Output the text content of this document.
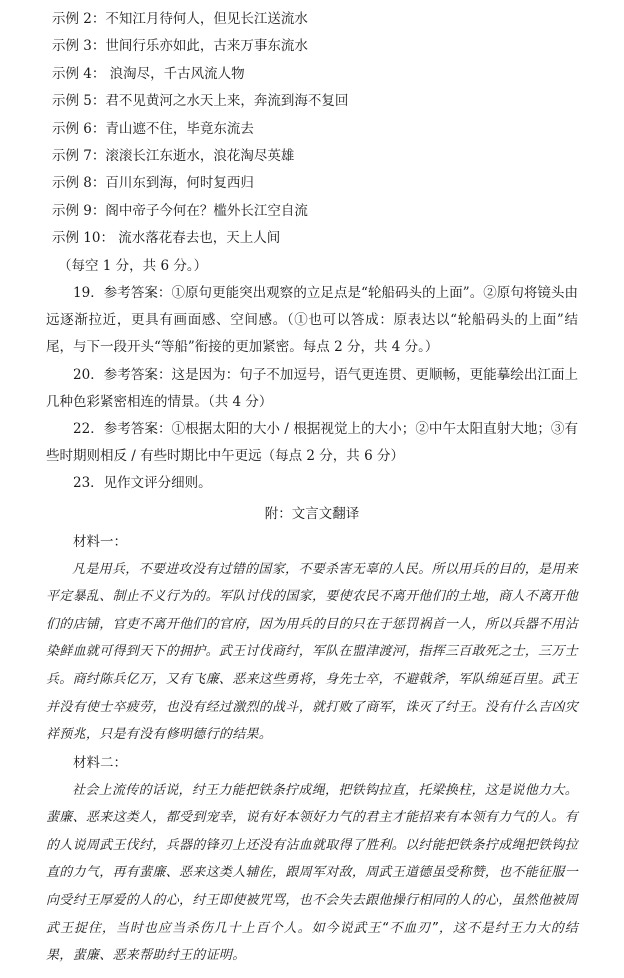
示例 2：不知江月待何人，但见长江送流水
示例 3：世间行乐亦如此，古来万事东流水
示例 4： 浪淘尽，千古风流人物
示例 5：君不见黄河之水天上来，奔流到海不复回
示例 6：青山遮不住，毕竟东流去
示例 7：滚滚长江东逝水，浪花淘尽英雄
示例 8：百川东到海，何时复西归
示例 9：阁中帝子今何在？槛外长江空自流
示例 10： 流水落花春去也，天上人间
（每空 1 分，共 6 分。）

19．参考答案：①原句更能突出观察的立足点是“轮船码头的上面”。②原句将镜头由远逐渐拉近，更具有画面感、空间感。（①也可以答成：原表达以“轮船码头的上面”结尾，与下一段开头“等船”衔接的更加紧密。每点 2 分，共 4 分。）

20．参考答案：这是因为：句子不加逗号，语气更连贯、更顺畅，更能摹绘出江面上几种色彩紧密相连的情景。（共 4 分）

22．参考答案：①根据太阳的大小 / 根据视觉上的大小；②中午太阳直射大地；③有些时期则相反 / 有些时期比中午更远（每点 2 分，共 6 分）

23．见作文评分细则。

附：文言文翻译
材料一：

凡是用兵，不要进攻没有过错的国家，不要杀害无辜的人民。所以用兵的目的，是用来平定暴乱、制止不义行为的。军队讨伐的国家，要使农民不离开他们的土地，商人不离开他们的店铺，官吏不离开他们的官府，因为用兵的目的只在于惩罚祸首一人，所以兵器不用沾染鲜血就可得到天下的拥护。武王讨伐商纣，军队在盟津渡河，指挥三百敢死之士，三万士兵。商纣陈兵亿万，又有飞廉、恶来这些勇将，身先士卒，不避戟斧，军队绵延百里。武王并没有使士卒疲劳，也没有经过激烈的战斗，就打败了商军，诛灭了纣王。没有什么吉凶灾祥预兆，只是有没有修明德行的结果。

材料二：

社会上流传的话说，纣王力能把铁条拧成绳，把铁钩拉直，托梁换柱，这是说他力大。蜚廉、恶来这类人，都受到宠幸，说有好本领好力气的君主才能招来有本领有力气的人。有的人说周武王伐纣，兵器的锋刃上还没有沾血就取得了胜利。以纣能把铁条拧成绳把铁钩拉直的力气，再有蜚廉、恶来这类人辅佐，跟周军对敌，周武王道德虽受称赞，也不能征服一向受纣王厚爱的人的心，纣王即使被咒骂，也不会失去跟他操行相同的人的心，虽然他被周武王捉住，当时也应当杀伤几十上百个人。如今说武王“不血刃”，这不是纣王力大的结果，蜚廉、恶来帮助纣王的证明。
